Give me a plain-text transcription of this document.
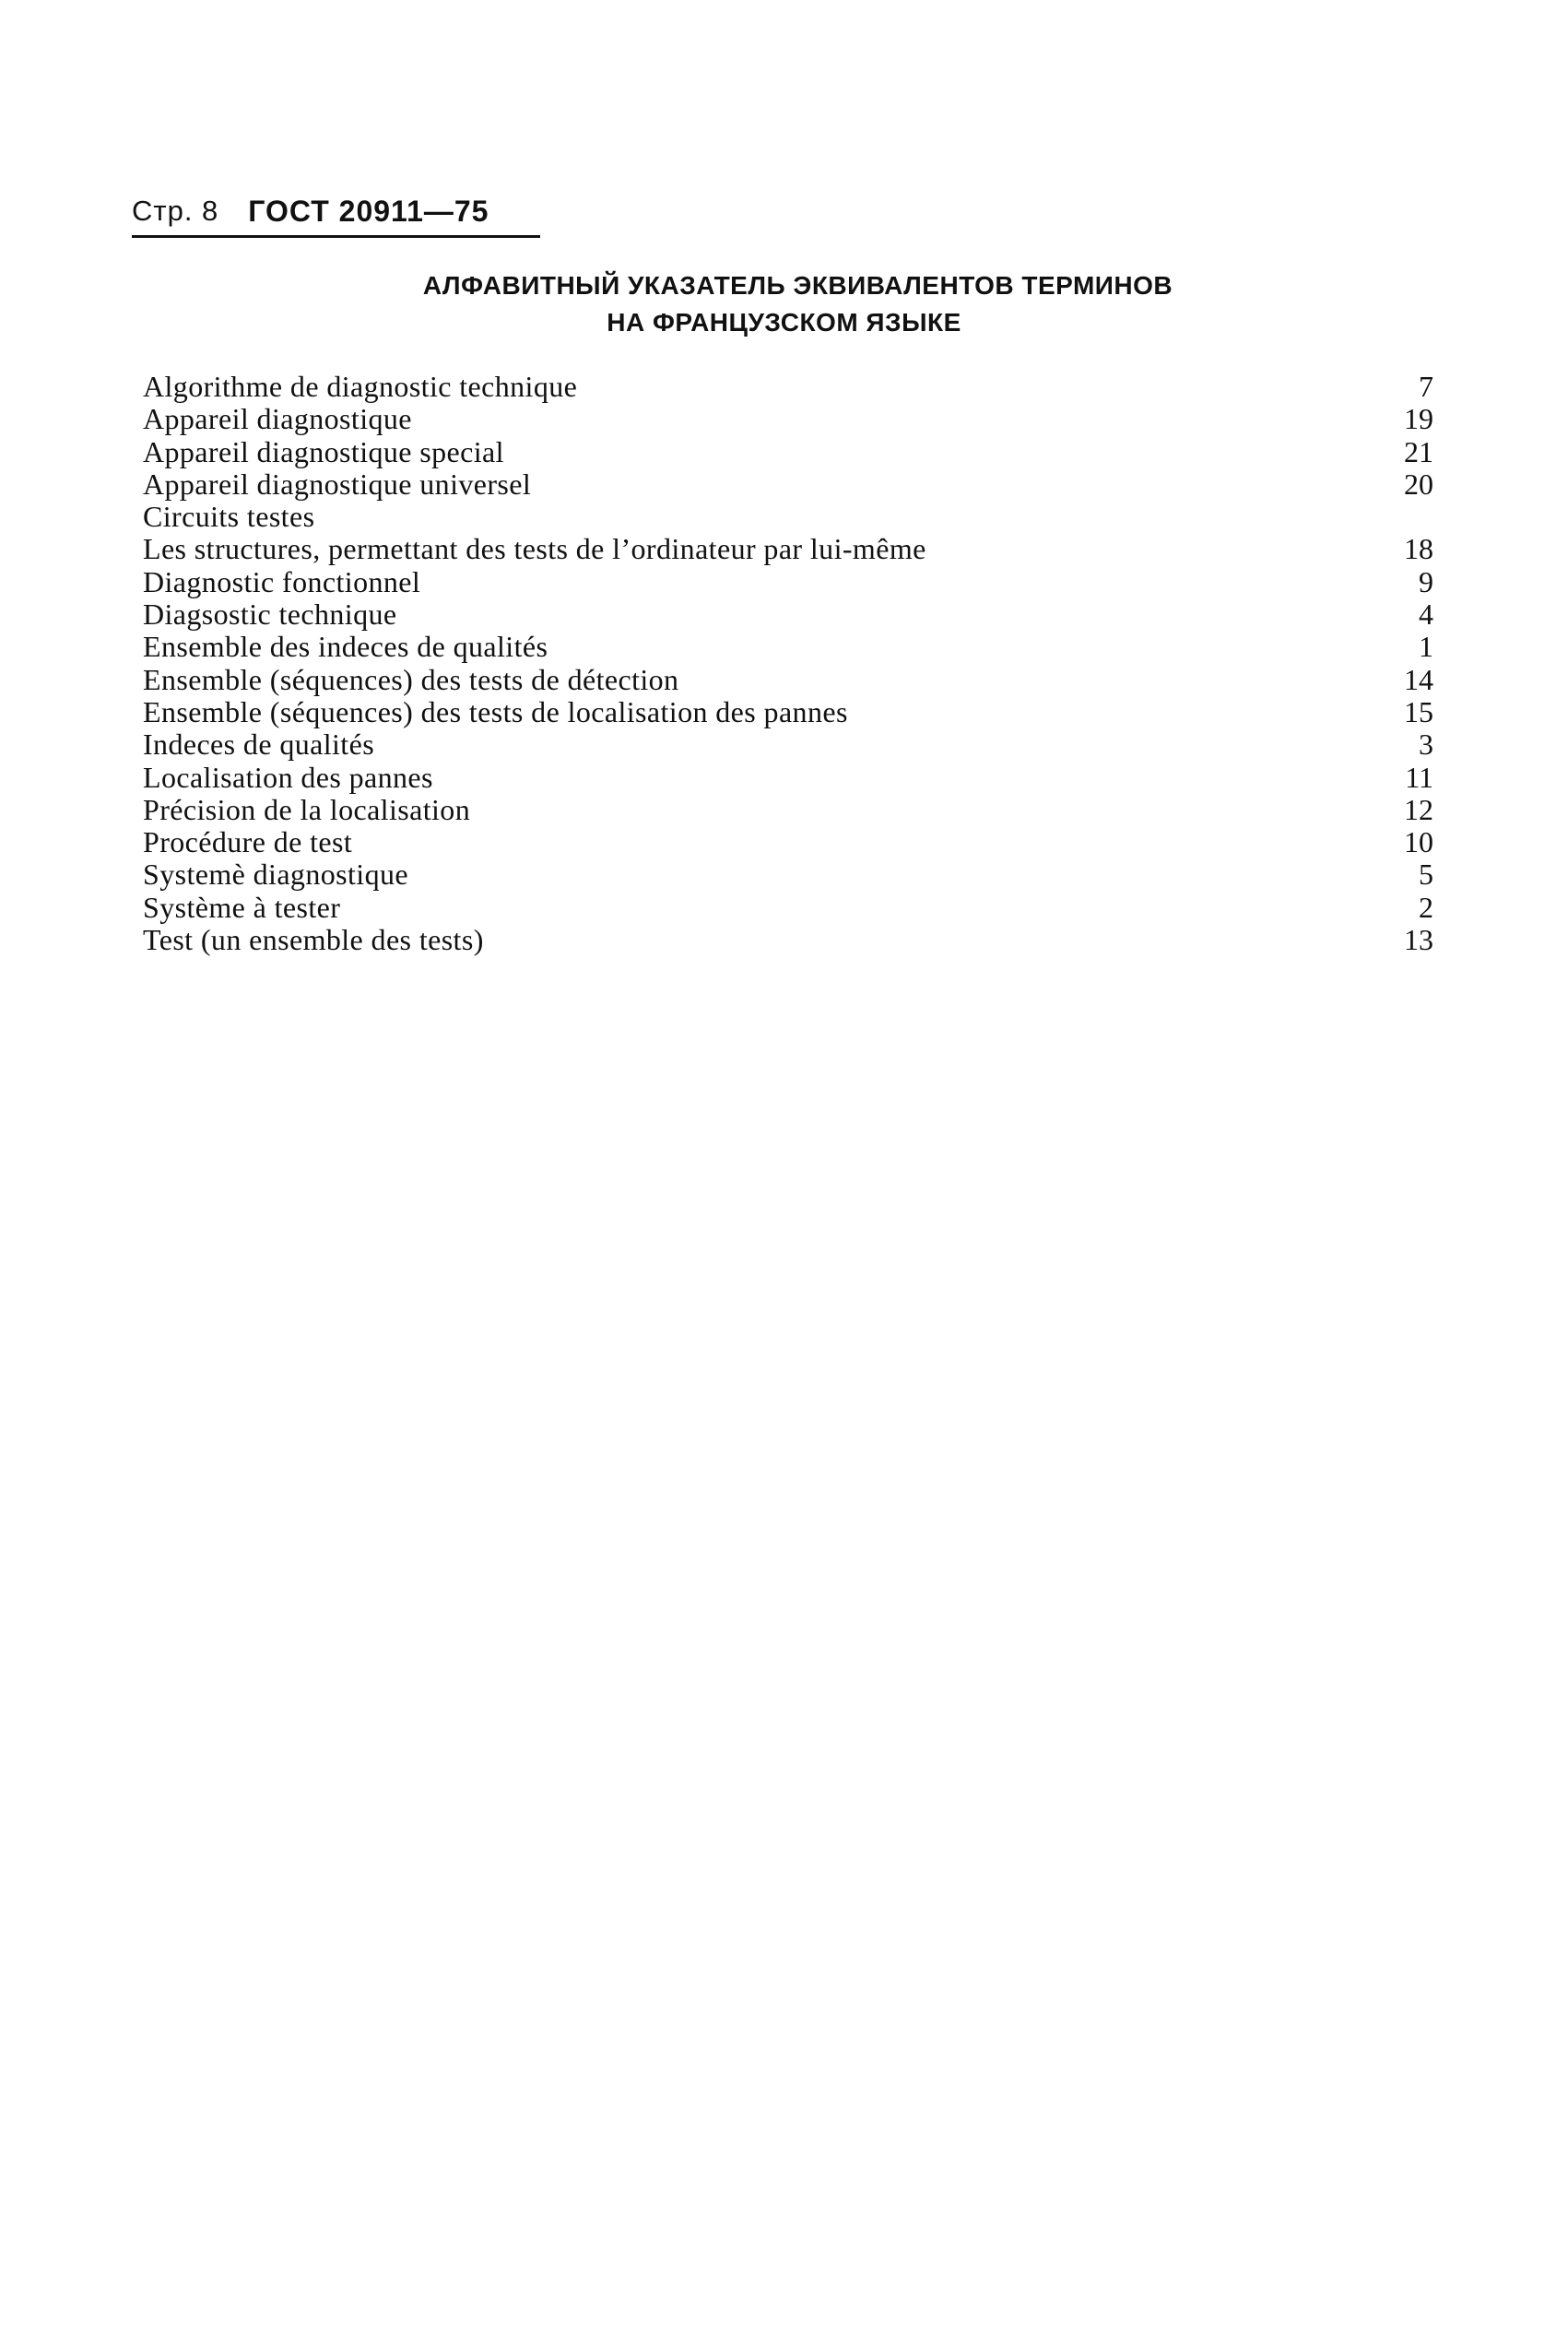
Стр. 8 ГОСТ 20911—75
АЛФАВИТНЫЙ УКАЗАТЕЛЬ ЭКВИВАЛЕНТОВ ТЕРМИНОВ
НА ФРАНЦУЗСКОМ ЯЗЫКЕ
Algorithme de diagnostic technique	7
Appareil diagnostique	19
Appareil diagnostique special	21
Appareil diagnostique universel	20
Circuits testes
Les structures, permettant des tests de l’ordinateur par lui-même	18
Diagnostic fonctionnel	9
Diagsostic technique	4
Ensemble des indeces de qualités	1
Ensemble (séquences) des tests de détection	14
Ensemble (séquences) des tests de localisation des pannes	15
Indeces de qualités	3
Localisation des pannes	11
Précision de la localisation	12
Procédure de test	10
Systemè diagnostique	5
Systèmе à tester	2
Test (un ensemble des tests)	13
